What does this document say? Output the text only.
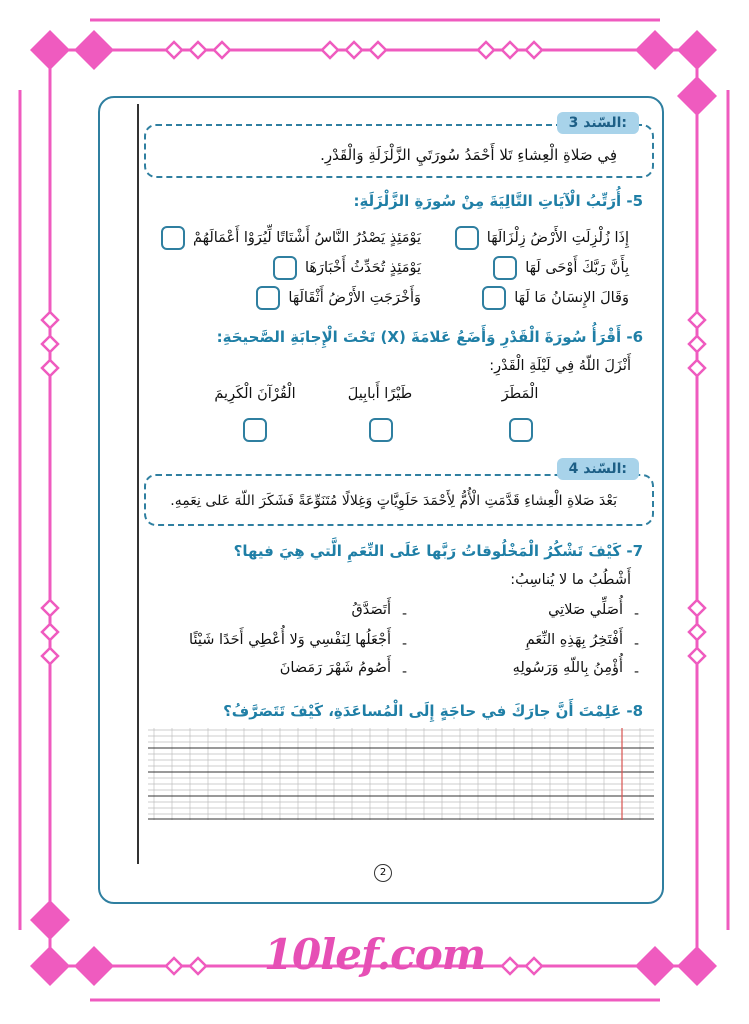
السّند 3:
فِي صَلاةِ الْعِشاءِ تَلا أَحْمَدُ سُورَتَيِ الزَّلْزَلَةِ وَالْقَدْرِ.
5- أُرَتِّبُ الْآيَاتِ التَّالِيَةَ مِنْ سُورَةِ الزَّلْزَلَةِ:
إِذَا زُلْزِلَتِ الأَرْضُ زِلْزَالَهَا
بِأَنَّ رَبَّكَ أَوْحَى لَهَا
وَقَالَ الإِنسَانُ مَا لَهَا
يَوْمَئِذٍ يَصْدُرُ النَّاسُ أَشْتَاتًا لِّيُرَوْا أَعْمَالَهُمْ
يَوْمَئِذٍ تُحَدِّثُ أَخْبَارَهَا
وَأَخْرَجَتِ الأَرْضُ أَثْقَالَهَا
6- أَقْرَأُ سُورَةَ الْقَدْرِ وَأَضَعُ عَلامَةَ (X) تَحْتَ الْإِجابَةِ الصَّحيحَةِ:
أَنْزَلَ اللّهُ فِي لَيْلَةِ الْقَدْرِ:
الْمَطَرَ
طَيْرًا أَبابِيلَ
الْقُرْآنَ الْكَرِيمَ
السّند 4:
بَعْدَ صَلاةِ الْعِشاءِ قَدَّمَتِ الْأُمُّ لِأَحْمَدَ حَلَوِيَّاتٍ وَغِلالًا مُتَنَوِّعَةً فَشَكَرَ اللّهَ عَلى نِعَمِهِ.
7- كَيْفَ تَشْكُرُ الْمَخْلُوقاتُ رَبَّها عَلَى النِّعَمِ الَّتي هِيَ فيها؟
أَشْطُبُ ما لا يُناسِبُ:
-
أُصَلِّي صَلاتِي
-
أَفْتَخِرُ بِهَذِهِ النِّعَمِ
-
أُؤْمِنُ بِاللّهِ وَرَسُولِهِ
-
أَتَصَدَّقُ
-
أَجْعَلُها لِنَفْسِي وَلا أُعْطِي أَحَدًا شَيْئًا
-
أَصُومُ شَهْرَ رَمَضانَ
8- عَلِمْتَ أَنَّ جارَكَ في حاجَةٍ إِلَى الْمُساعَدَةِ، كَيْفَ تَتَصَرَّفُ؟
2
10lef.com
